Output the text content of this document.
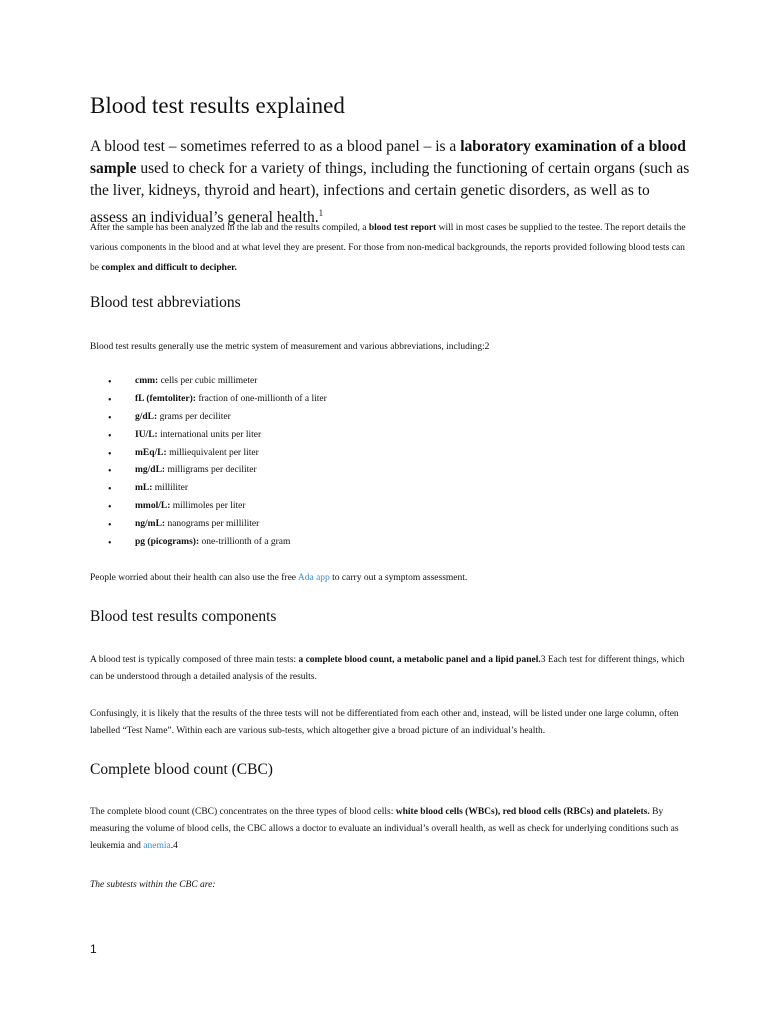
Blood test results explained
A blood test – sometimes referred to as a blood panel – is a laboratory examination of a blood sample used to check for a variety of things, including the functioning of certain organs (such as the liver, kidneys, thyroid and heart), infections and certain genetic disorders, as well as to assess an individual’s general health.$^1$
After the sample has been analyzed in the lab and the results compiled, a blood test report will in most cases be supplied to the testee. The report details the various components in the blood and at what level they are present. For those from non-medical backgrounds, the reports provided following blood tests can be complex and difficult to decipher.
Blood test abbreviations
Blood test results generally use the metric system of measurement and various abbreviations, including:2
• cmm: cells per cubic millimeter
• fL (femtoliter): fraction of one-millionth of a liter
• g/dL: grams per deciliter
• IU/L: international units per liter
• mEq/L: milliequivalent per liter
• mg/dL: milligrams per deciliter
• mL: milliliter
• mmol/L: millimoles per liter
• ng/mL: nanograms per milliliter
• pg (picograms): one-trillionth of a gram
People worried about their health can also use the free Ada app to carry out a symptom assessment.
Blood test results components
A blood test is typically composed of three main tests: a complete blood count, a metabolic panel and a lipid panel.3 Each test for different things, which can be understood through a detailed analysis of the results.
Confusingly, it is likely that the results of the three tests will not be differentiated from each other and, instead, will be listed under one large column, often labelled “Test Name”. Within each are various sub-tests, which altogether give a broad picture of an individual’s health.
Complete blood count (CBC)
The complete blood count (CBC) concentrates on the three types of blood cells: white blood cells (WBCs), red blood cells (RBCs) and platelets. By measuring the volume of blood cells, the CBC allows a doctor to evaluate an individual’s overall health, as well as check for underlying conditions such as leukemia and anemia.4
The subtests within the CBC are:
1
